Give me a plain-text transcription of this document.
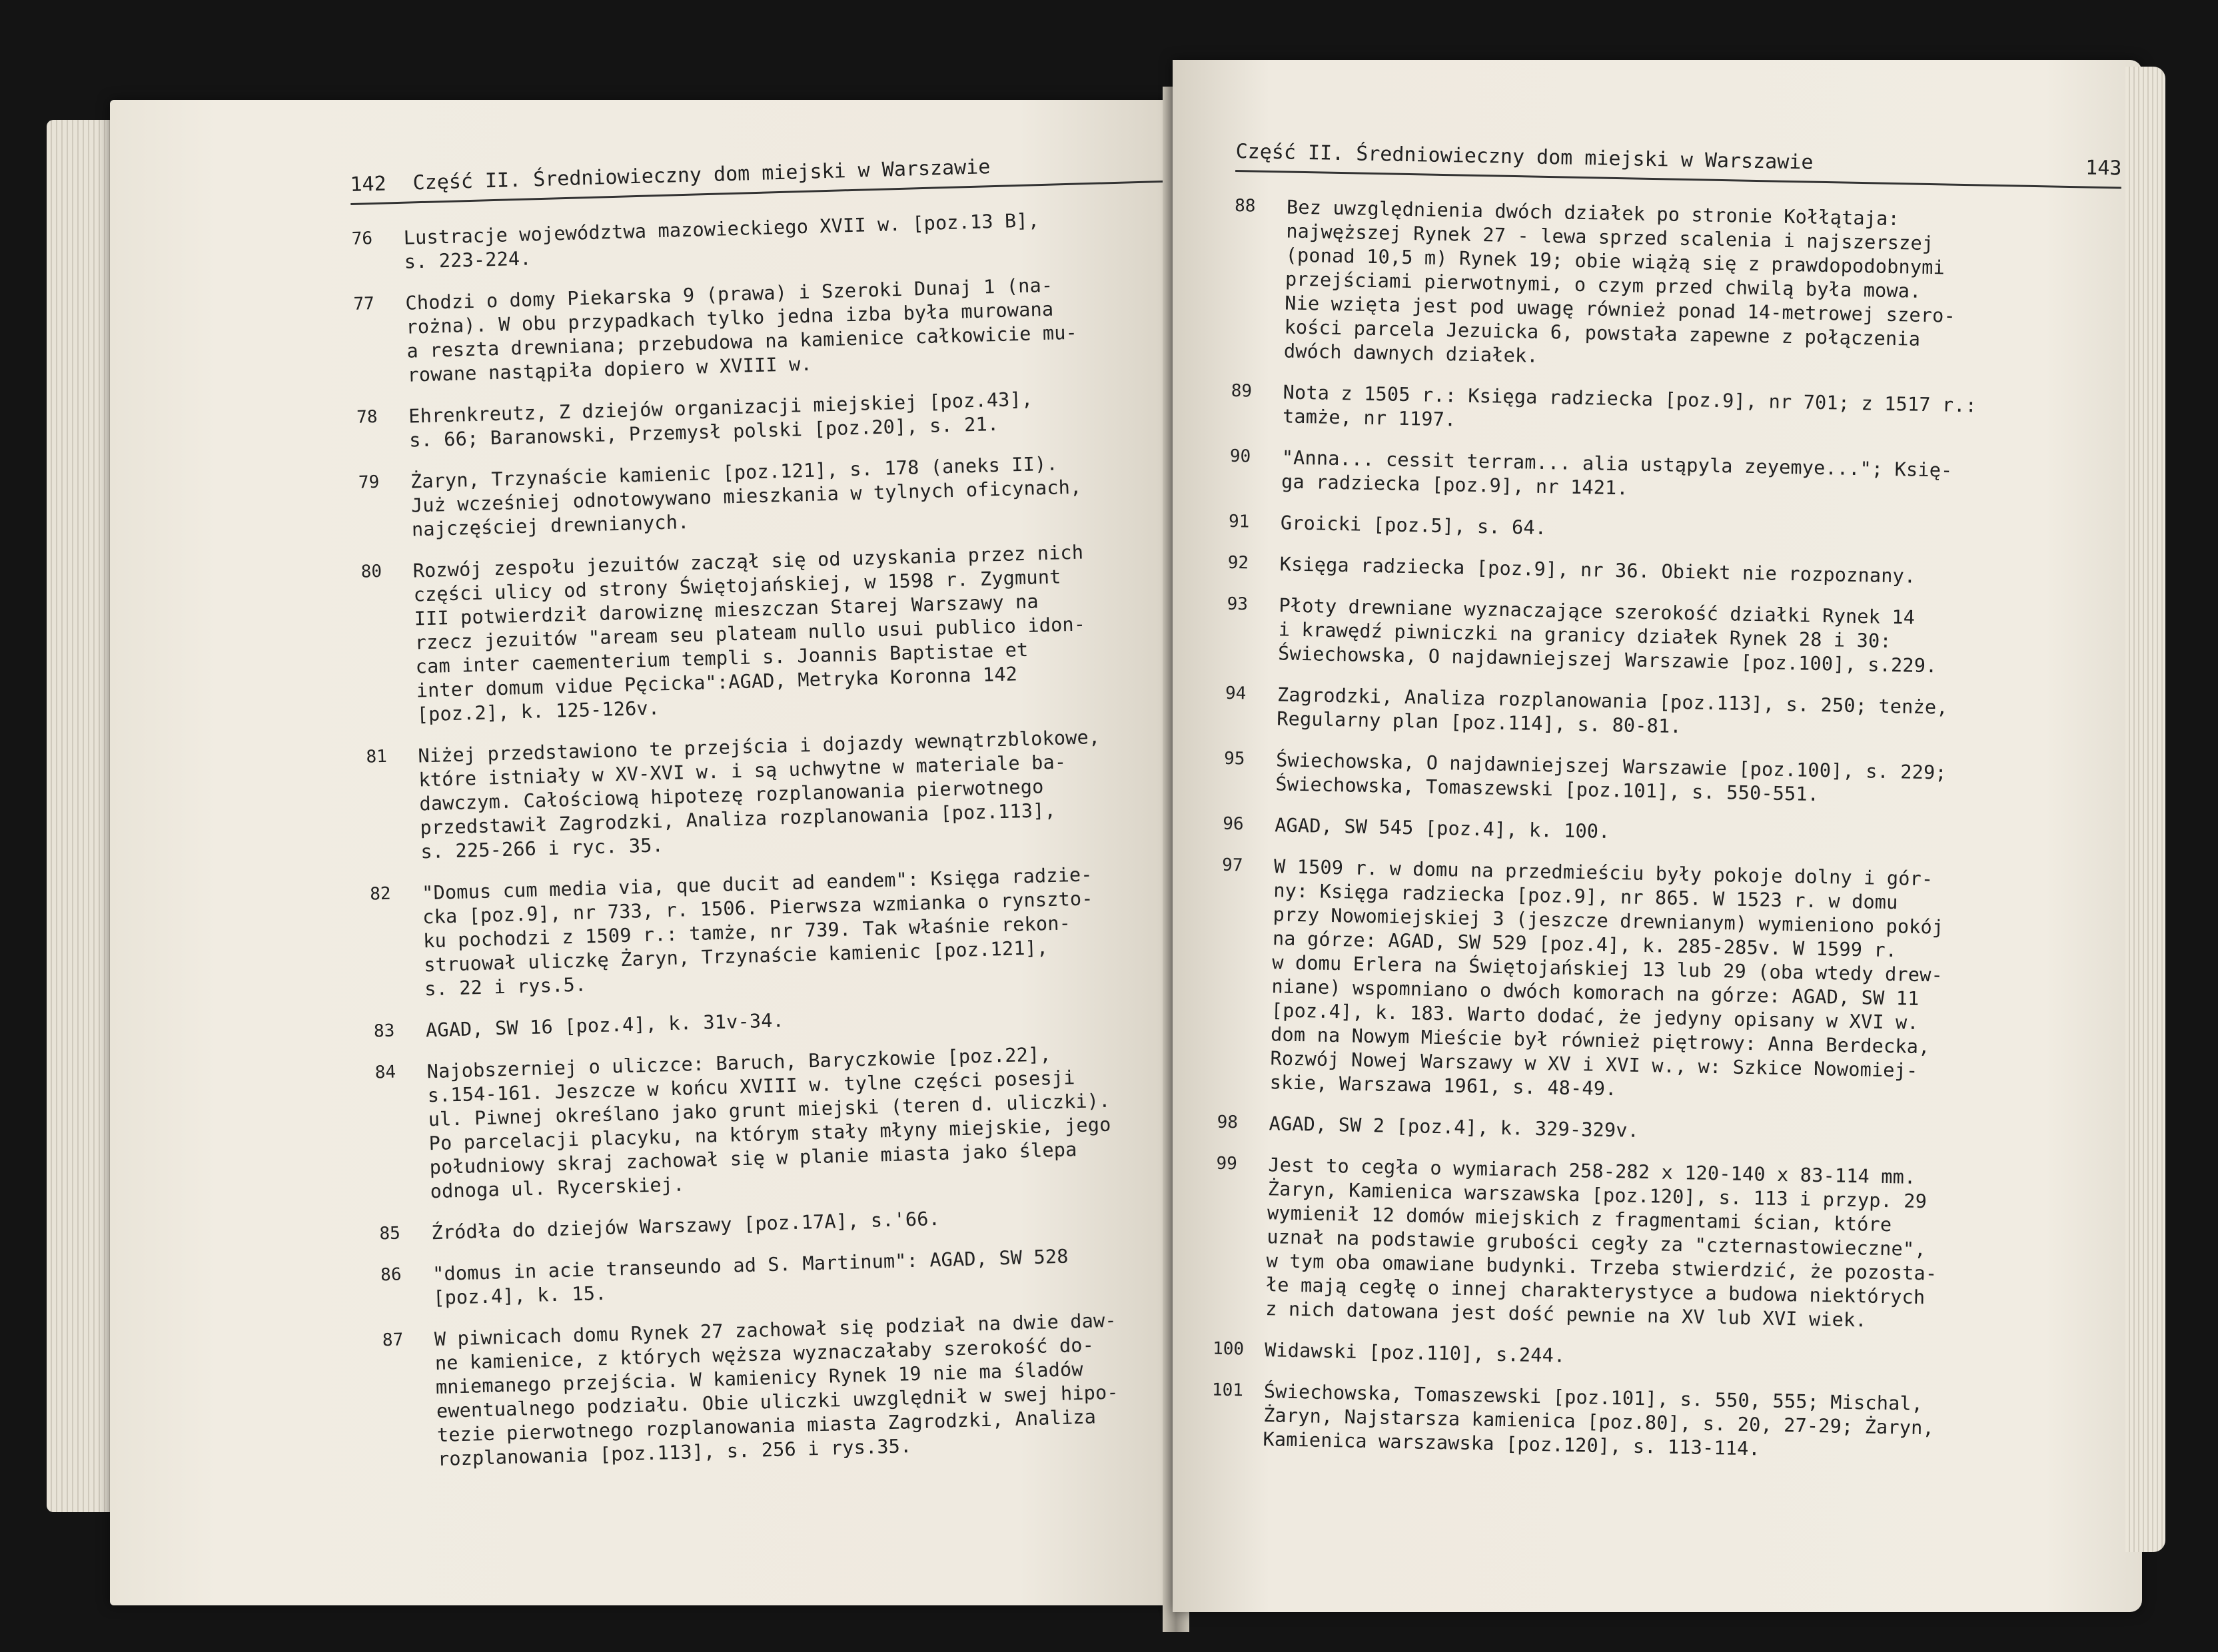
142 Część II. Średniowieczny dom miejski w Warszawie
76	Lustracje województwa mazowieckiego XVII w. [poz.13 B],
s. 223-224.
77	Chodzi o domy Piekarska 9 (prawa) i Szeroki Dunaj 1 (na-
rożna). W obu przypadkach tylko jedna izba była murowana
a reszta drewniana; przebudowa na kamienice całkowicie mu-
rowane nastąpiła dopiero w XVIII w.
78	Ehrenkreutz, Z dziejów organizacji miejskiej [poz.43],
s. 66; Baranowski, Przemysł polski [poz.20], s. 21.
79	Żaryn, Trzynaście kamienic [poz.121], s. 178 (aneks II).
Już wcześniej odnotowywano mieszkania w tylnych oficynach,
najczęściej drewnianych.
80	Rozwój zespołu jezuitów zaczął się od uzyskania przez nich
części ulicy od strony Świętojańskiej, w 1598 r. Zygmunt
III potwierdził darowiznę mieszczan Starej Warszawy na
rzecz jezuitów "aream seu plateam nullo usui publico idon-
cam inter caementerium templi s. Joannis Baptistae et
inter domum vidue Pęcicka":AGAD, Metryka Koronna 142
[poz.2], k. 125-126v.
81	Niżej przedstawiono te przejścia i dojazdy wewnątrzblokowe,
które istniały w XV-XVI w. i są uchwytne w materiale ba-
dawczym. Całościową hipotezę rozplanowania pierwotnego
przedstawił Zagrodzki, Analiza rozplanowania [poz.113],
s. 225-266 i ryc. 35.
82	"Domus cum media via, que ducit ad eandem": Księga radzie-
cka [poz.9], nr 733, r. 1506. Pierwsza wzmianka o rynszto-
ku pochodzi z 1509 r.: tamże, nr 739. Tak właśnie rekon-
struował uliczkę Żaryn, Trzynaście kamienic [poz.121],
s. 22 i rys.5.
83	AGAD, SW 16 [poz.4], k. 31v-34.
84	Najobszerniej o uliczce: Baruch, Baryczkowie [poz.22],
s.154-161. Jeszcze w końcu XVIII w. tylne części posesji
ul. Piwnej określano jako grunt miejski (teren d. uliczki).
Po parcelacji placyku, na którym stały młyny miejskie, jego
południowy skraj zachował się w planie miasta jako ślepa
odnoga ul. Rycerskiej.
85	Źródła do dziejów Warszawy [poz.17A], s.'66.
86	"domus in acie transeundo ad S. Martinum": AGAD, SW 528
[poz.4], k. 15.
87	W piwnicach domu Rynek 27 zachował się podział na dwie daw-
ne kamienice, z których węższa wyznaczałaby szerokość do-
mniemanego przejścia. W kamienicy Rynek 19 nie ma śladów
ewentualnego podziału. Obie uliczki uwzględnił w swej hipo-
tezie pierwotnego rozplanowania miasta Zagrodzki, Analiza
rozplanowania [poz.113], s. 256 i rys.35.
Część II. Średniowieczny dom miejski w Warszawie	143
88	Bez uwzględnienia dwóch działek po stronie Kołłątaja:
najwęższej Rynek 27 - lewa sprzed scalenia i najszerszej
(ponad 10,5 m) Rynek 19; obie wiążą się z prawdopodobnymi
przejściami pierwotnymi, o czym przed chwilą była mowa.
Nie wzięta jest pod uwagę również ponad 14-metrowej szero-
kości parcela Jezuicka 6, powstała zapewne z połączenia
dwóch dawnych działek.
89	Nota z 1505 r.: Księga radziecka [poz.9], nr 701; z 1517 r.:
tamże, nr 1197.
90	"Anna... cessit terram... alia ustąpyla zeyemye..."; Księ-
ga radziecka [poz.9], nr 1421.
91	Groicki [poz.5], s. 64.
92	Księga radziecka [poz.9], nr 36. Obiekt nie rozpoznany.
93	Płoty drewniane wyznaczające szerokość działki Rynek 14
i krawędź piwniczki na granicy działek Rynek 28 i 30:
Świechowska, O najdawniejszej Warszawie [poz.100], s.229.
94	Zagrodzki, Analiza rozplanowania [poz.113], s. 250; tenże,
Regularny plan [poz.114], s. 80-81.
95	Świechowska, O najdawniejszej Warszawie [poz.100], s. 229;
Świechowska, Tomaszewski [poz.101], s. 550-551.
96	AGAD, SW 545 [poz.4], k. 100.
97	W 1509 r. w domu na przedmieściu były pokoje dolny i gór-
ny: Księga radziecka [poz.9], nr 865. W 1523 r. w domu
przy Nowomiejskiej 3 (jeszcze drewnianym) wymieniono pokój
na górze: AGAD, SW 529 [poz.4], k. 285-285v. W 1599 r.
w domu Erlera na Świętojańskiej 13 lub 29 (oba wtedy drew-
niane) wspomniano o dwóch komorach na górze: AGAD, SW 11
[poz.4], k. 183. Warto dodać, że jedyny opisany w XVI w.
dom na Nowym Mieście był również piętrowy: Anna Berdecka,
Rozwój Nowej Warszawy w XV i XVI w., w: Szkice Nowomiej-
skie, Warszawa 1961, s. 48-49.
98	AGAD, SW 2 [poz.4], k. 329-329v.
99	Jest to cegła o wymiarach 258-282 x 120-140 x 83-114 mm.
Żaryn, Kamienica warszawska [poz.120], s. 113 i przyp. 29
wymienił 12 domów miejskich z fragmentami ścian, które
uznał na podstawie grubości cegły za "czternastowieczne",
w tym oba omawiane budynki. Trzeba stwierdzić, że pozosta-
łe mają cegłę o innej charakterystyce a budowa niektórych
z nich datowana jest dość pewnie na XV lub XVI wiek.
100	Widawski [poz.110], s.244.
101	Świechowska, Tomaszewski [poz.101], s. 550, 555; Mischal,
Żaryn, Najstarsza kamienica [poz.80], s. 20, 27-29; Żaryn,
Kamienica warszawska [poz.120], s. 113-114.
